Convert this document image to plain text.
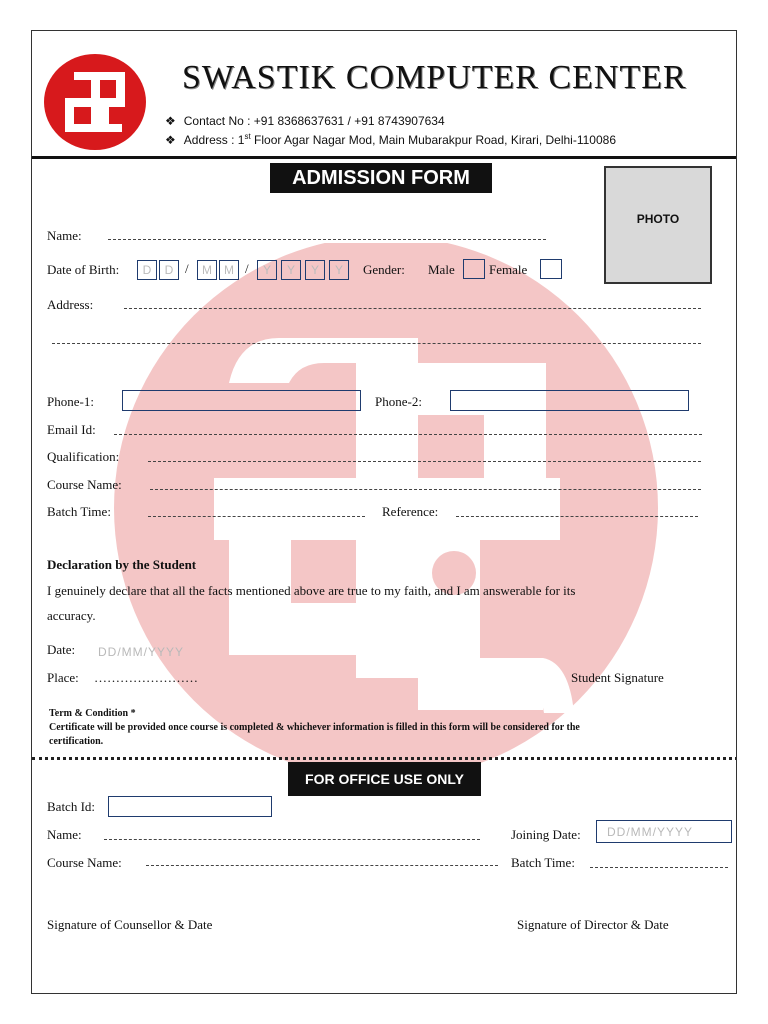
SWASTIK COMPUTER CENTER
❖ Contact No : +91 8368637631 / +91 8743907634
❖ Address : 1st Floor Agar Nagar Mod, Main Mubarakpur Road, Kirari, Delhi-110086
ADMISSION FORM
PHOTO
Name:
Date of Birth:	D	D /	M	M /	Y	Y	Y	Y	Gender: Male	Female
Address:
Phone-1:	Phone-2:
Email Id:
Qualification:
Course Name:
Batch Time:	Reference:
Declaration by the Student
I genuinely declare that all the facts mentioned above are true to my faith, and I am answerable for its
accuracy.
Date: DD/MM/YYYY
Place: ……………………	Student Signature
Term & Condition *
Certificate will be provided once course is completed & whichever information is filled in this form will be considered for the
certification.
FOR OFFICE USE ONLY
Batch Id:
Name:	Joining Date: DD/MM/YYYY
Course Name:	Batch Time:
Signature of Counsellor & Date	Signature of Director & Date
